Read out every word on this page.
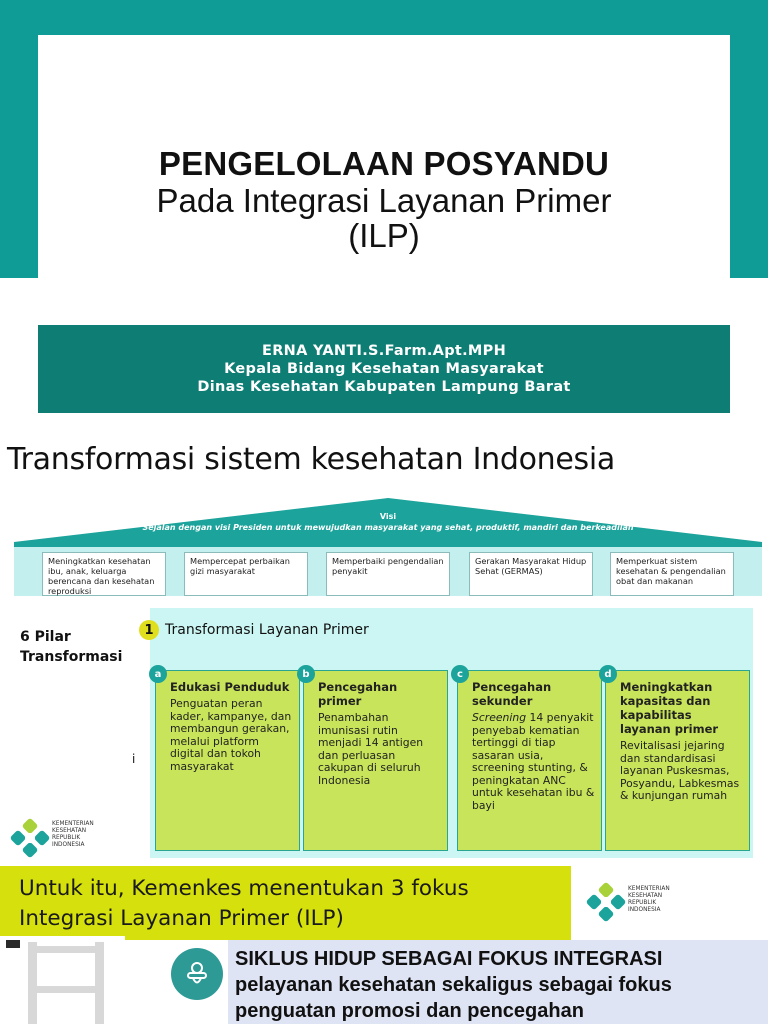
PENGELOLAAN POSYANDU
Pada Integrasi Layanan Primer
(ILP)
ERNA YANTI.S.Farm.Apt.MPH
Kepala Bidang Kesehatan Masyarakat
Dinas Kesehatan Kabupaten Lampung Barat
Transformasi sistem kesehatan Indonesia
Visi
Sejalan dengan visi Presiden untuk mewujudkan masyarakat yang sehat, produktif, mandiri dan berkeadilan
Meningkatkan kesehatan ibu, anak, keluarga berencana dan kesehatan reproduksi
Mempercepat perbaikan gizi masyarakat
Memperbaiki pengendalian penyakit
Gerakan Masyarakat Hidup Sehat (GERMAS)
Memperkuat sistem kesehatan & pengendalian obat dan makanan
6 Pilar
Transformasi
i
KEMENTERIAN
KESEHATAN
REPUBLIK
INDONESIA
1 Transformasi Layanan Primer
a
Edukasi Penduduk
Penguatan peran kader, kampanye, dan membangun gerakan, melalui platform digital dan tokoh masyarakat
b
Pencegahan primer
Penambahan imunisasi rutin menjadi 14 antigen dan perluasan cakupan di seluruh Indonesia
c
Pencegahan sekunder
Screening 14 penyakit penyebab kematian tertinggi di tiap sasaran usia, screening stunting, & peningkatan ANC untuk kesehatan ibu & bayi
d
Meningkatkan kapasitas dan kapabilitas layanan primer
Revitalisasi jejaring dan standardisasi layanan Puskesmas, Posyandu, Labkesmas & kunjungan rumah
Untuk itu, Kemenkes menentukan 3 fokus
Integrasi Layanan Primer (ILP)
KEMENTERIAN
KESEHATAN
REPUBLIK
INDONESIA
SIKLUS HIDUP SEBAGAI FOKUS INTEGRASI
pelayanan kesehatan sekaligus sebagai fokus
penguatan promosi dan pencegahan
